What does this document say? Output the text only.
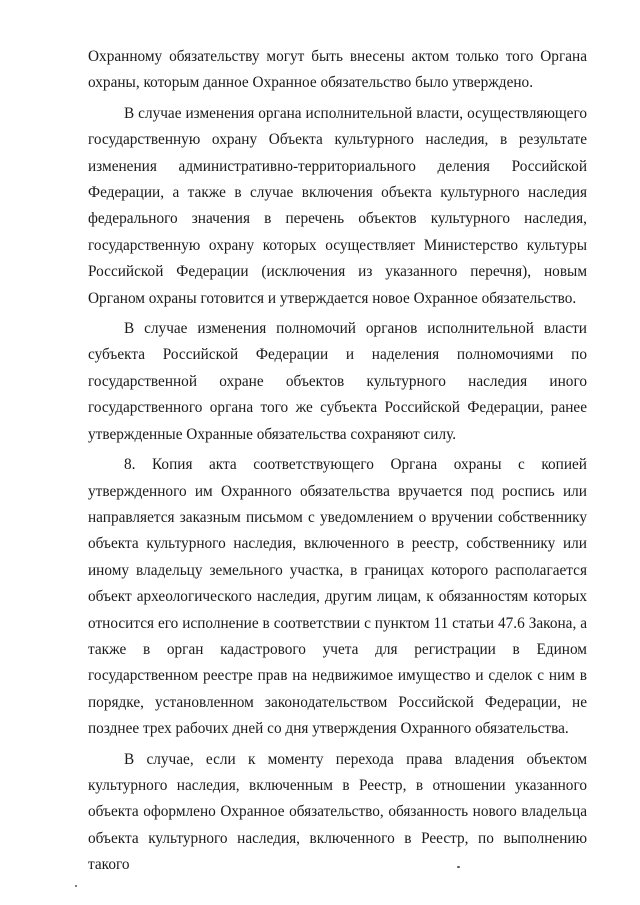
Охранному обязательству могут быть внесены актом только того Органа охраны, которым данное Охранное обязательство было утверждено.

В случае изменения органа исполнительной власти, осуществляющего государственную охрану Объекта культурного наследия, в результате изменения административно-территориального деления Российской Федерации, а также в случае включения объекта культурного наследия федерального значения в перечень объектов культурного наследия, государственную охрану которых осуществляет Министерство культуры Российской Федерации (исключения из указанного перечня), новым Органом охраны готовится и утверждается новое Охранное обязательство.

В случае изменения полномочий органов исполнительной власти субъекта Российской Федерации и наделения полномочиями по государственной охране объектов культурного наследия иного государственного органа того же субъекта Российской Федерации, ранее утвержденные Охранные обязательства сохраняют силу.

8. Копия акта соответствующего Органа охраны с копией утвержденного им Охранного обязательства вручается под роспись или направляется заказным письмом с уведомлением о вручении собственнику объекта культурного наследия, включенного в реестр, собственнику или иному владельцу земельного участка, в границах которого располагается объект археологического наследия, другим лицам, к обязанностям которых относится его исполнение в соответствии с пунктом 11 статьи 47.6 Закона, а также в орган кадастрового учета для регистрации в Едином государственном реестре прав на недвижимое имущество и сделок с ним в порядке, установленном законодательством Российской Федерации, не позднее трех рабочих дней со дня утверждения Охранного обязательства.

В случае, если к моменту перехода права владения объектом культурного наследия, включенным в Реестр, в отношении указанного объекта оформлено Охранное обязательство, обязанность нового владельца объекта культурного наследия, включенного в Реестр, по выполнению такого
